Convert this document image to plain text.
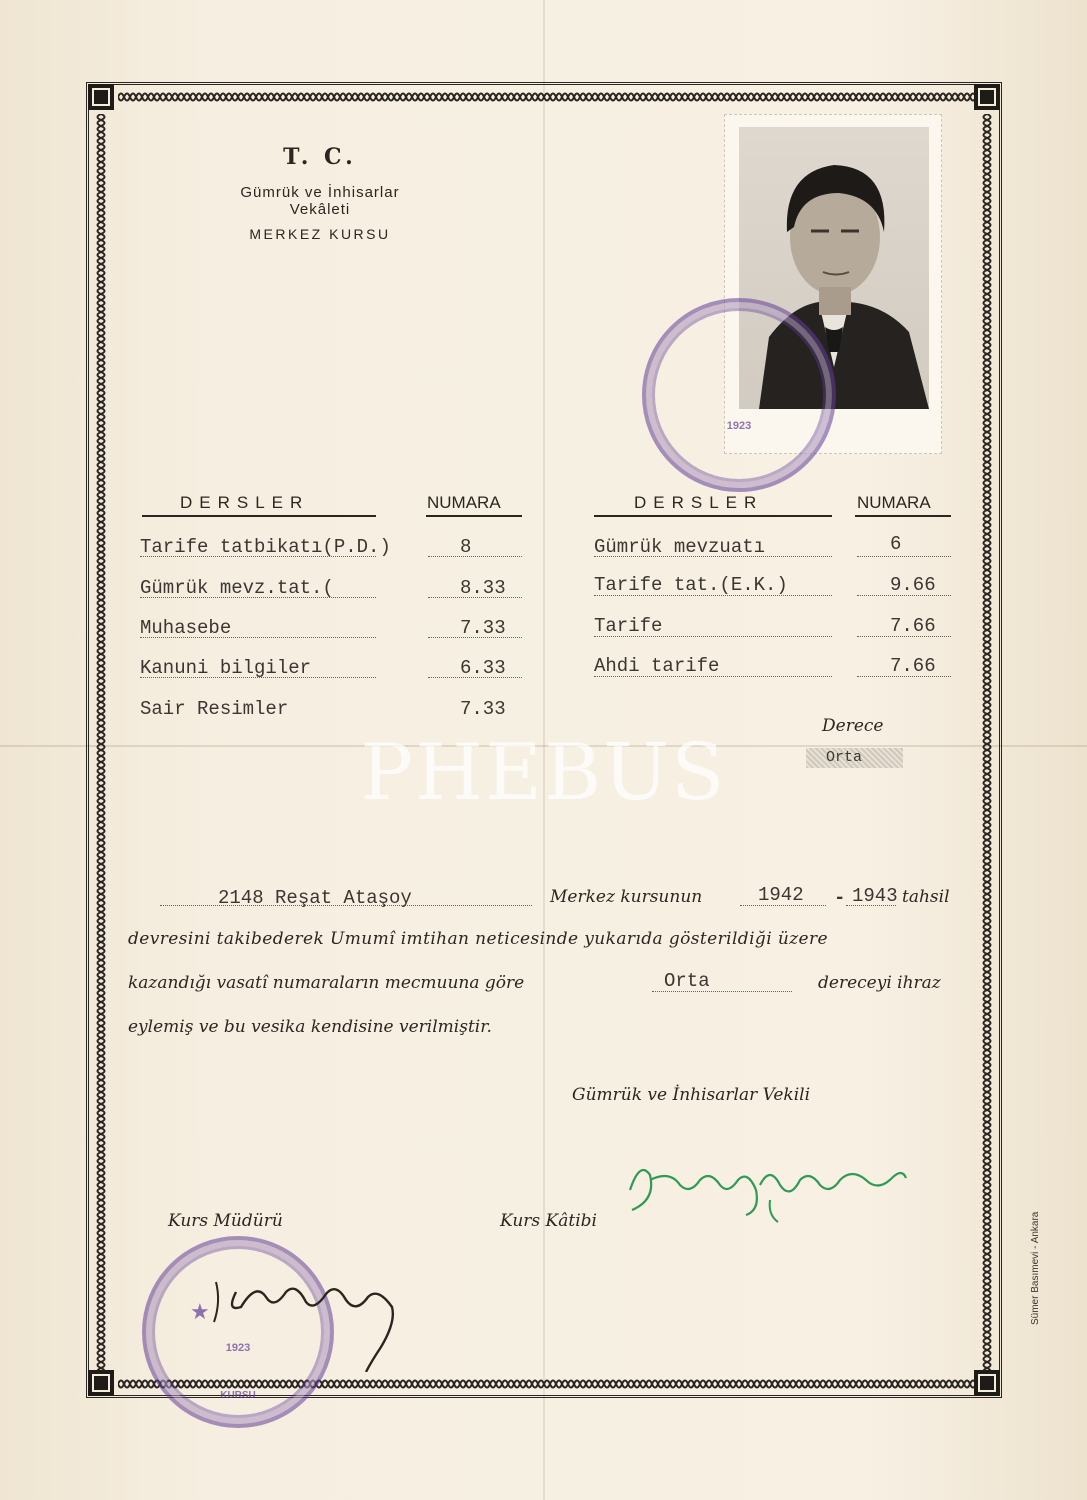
T. C.
Gümrük ve İnhisarlar
Vekâleti
MERKEZ KURSU
1923
DERSLER	NUMARA	DERSLER	NUMARA
Tarife tatbikatı(P.D.)	8
Gümrük mevz.tat.(	8.33
Muhasebe	7.33
Kanuni bilgiler	6.33
Sair Resimler	7.33
Gümrük mevzuatı	6
Tarife tat.(E.K.)	9.66
Tarife	7.66
Ahdi tarife	7.66
Derece
Orta
PHEBUS
2148 Reşat Ataşoy	Merkez kursunun	1942 - 1943 tahsil
devresini takibederek Umumî imtihan neticesinde yukarıda gösterildiği üzere
kazandığı vasatî numaraların mecmuuna göre	Orta	dereceyi ihraz
eylemiş ve bu vesika kendisine verilmiştir.
Gümrük ve İnhisarlar Vekili
Kurs Müdürü	Kurs Kâtibi
★
1923
KURSU
Sümer Basımevi - Ankara
